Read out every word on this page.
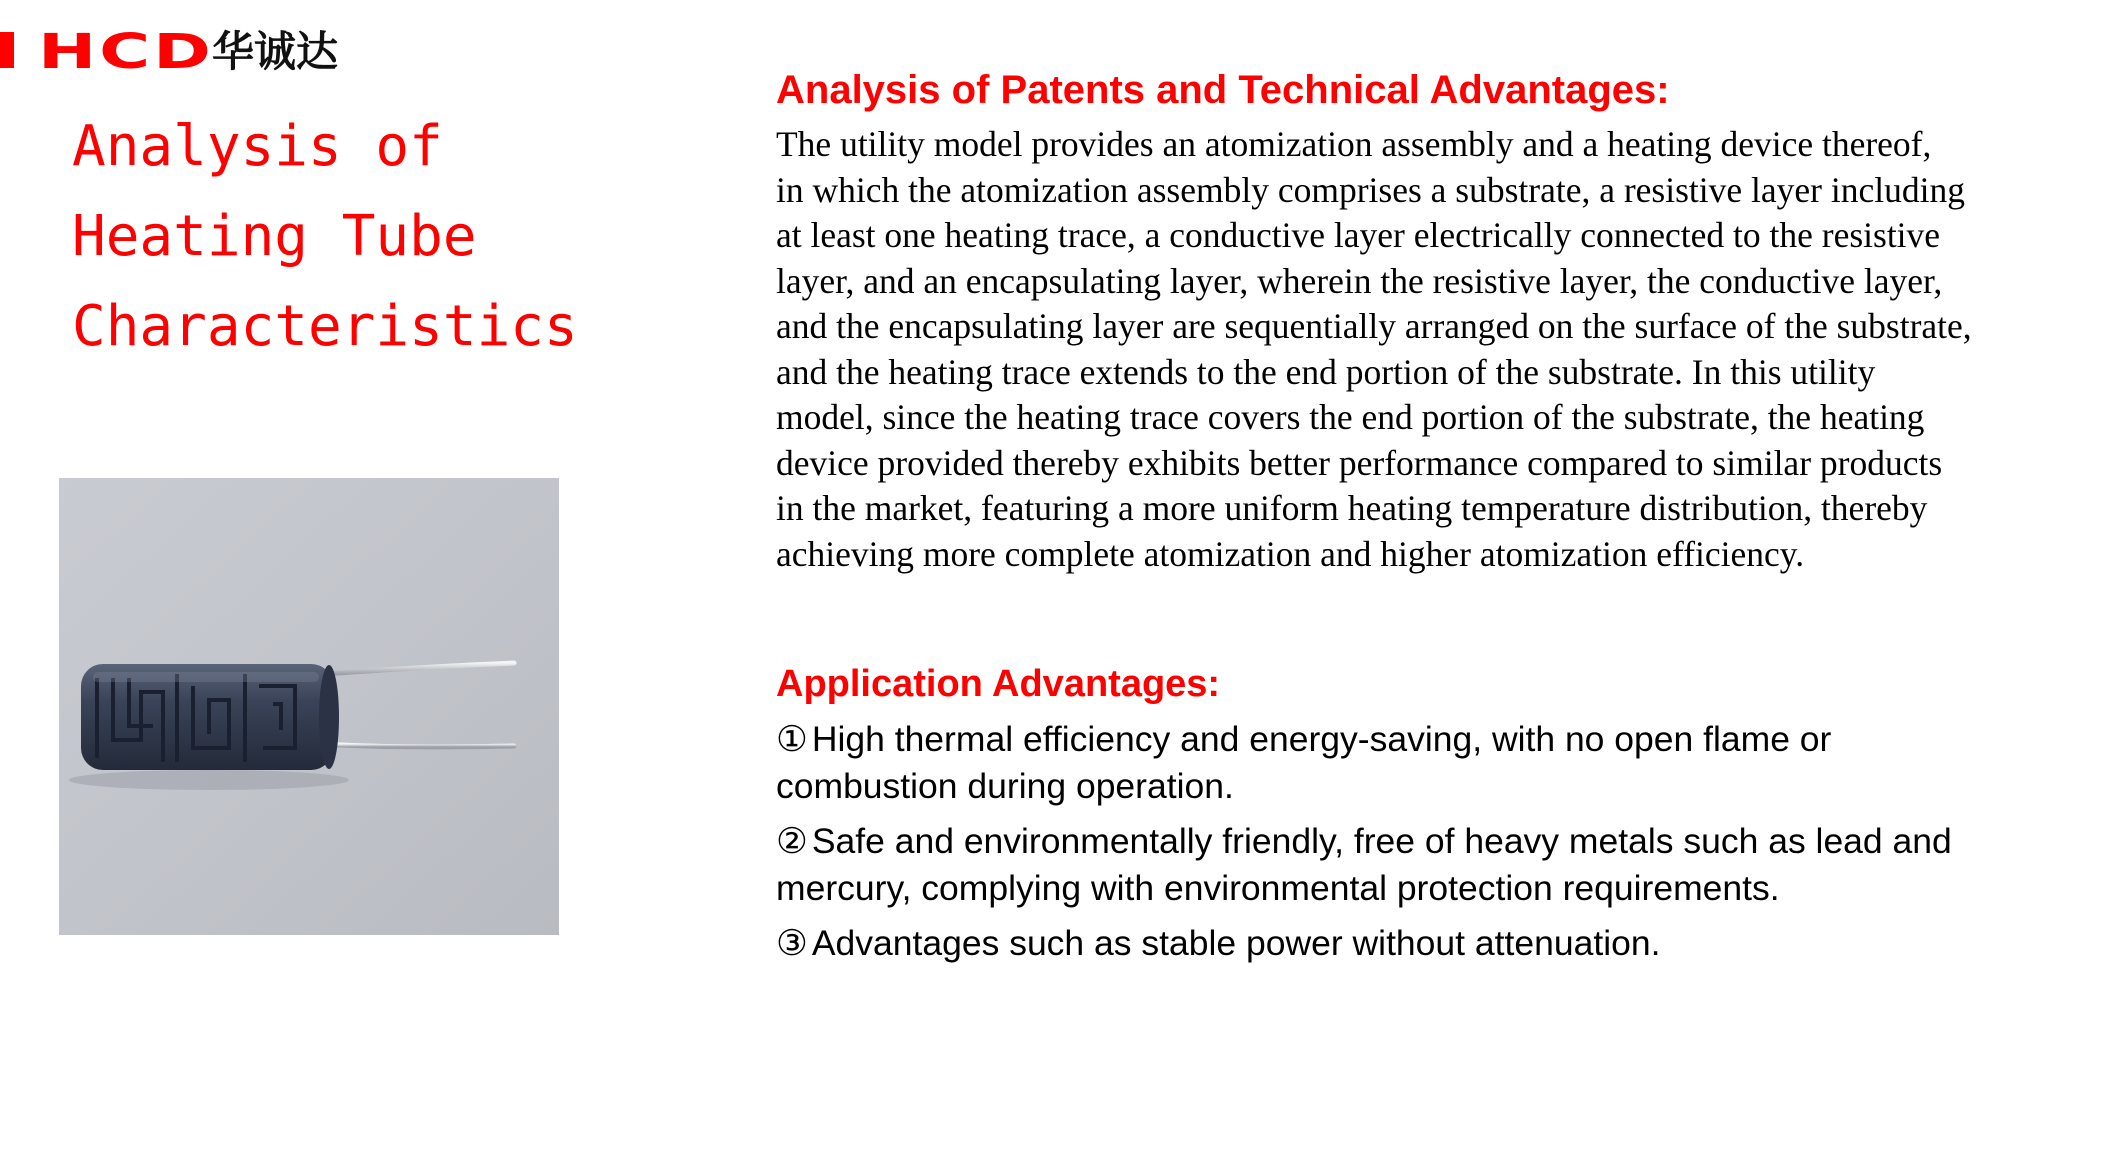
HCD
华诚达
Analysis of
Heating Tube
Characteristics
Analysis of Patents and Technical Advantages:
The utility model provides an atomization assembly and a heating device thereof,
in which the atomization assembly comprises a substrate, a resistive layer including
at least one heating trace, a conductive layer electrically connected to the resistive
layer, and an encapsulating layer, wherein the resistive layer, the conductive layer,
and the encapsulating layer are sequentially arranged on the surface of the substrate,
and the heating trace extends to the end portion of the substrate. In this utility
model, since the heating trace covers the end portion of the substrate, the heating
device provided thereby exhibits better performance compared to similar products
in the market, featuring a more uniform heating temperature distribution, thereby
achieving more complete atomization and higher atomization efficiency.
Application Advantages:
① High thermal efficiency and energy-saving, with no open flame or
combustion during operation.
② Safe and environmentally friendly, free of heavy metals such as lead and
mercury, complying with environmental protection requirements.
③ Advantages such as stable power without attenuation.
